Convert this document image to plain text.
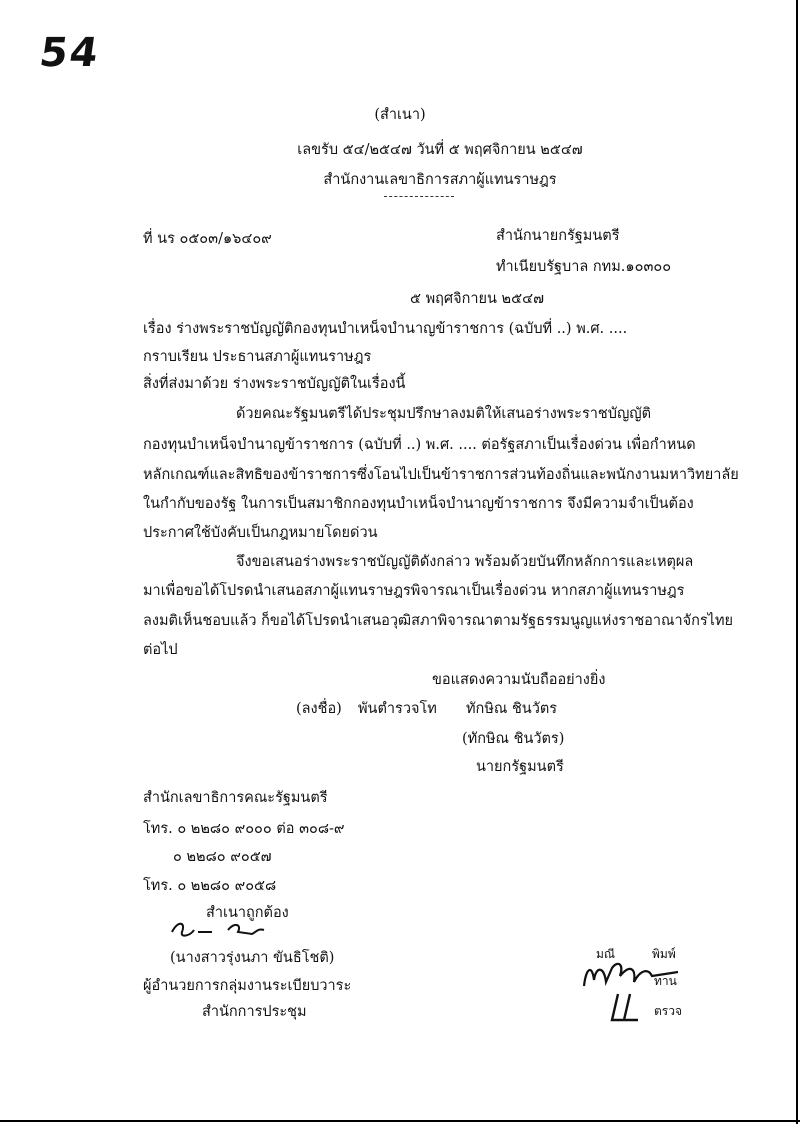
54
(สำเนา)
เลขรับ ๕๔/๒๕๔๗ วันที่ ๕ พฤศจิกายน ๒๕๔๗
สำนักงานเลขาธิการสภาผู้แทนราษฎร
ที่ นร ๐๕๐๓/๑๖๔๐๙	สำนักนายกรัฐมนตรี
ทำเนียบรัฐบาล กทม.๑๐๓๐๐
๕ พฤศจิกายน ๒๕๔๗
เรื่อง ร่างพระราชบัญญัติกองทุนบำเหน็จบำนาญข้าราชการ (ฉบับที่ ..) พ.ศ. ....
กราบเรียน ประธานสภาผู้แทนราษฎร
สิ่งที่ส่งมาด้วย ร่างพระราชบัญญัติในเรื่องนี้
ด้วยคณะรัฐมนตรีได้ประชุมปรึกษาลงมติให้เสนอร่างพระราชบัญญัติ
กองทุนบำเหน็จบำนาญข้าราชการ (ฉบับที่ ..) พ.ศ. .... ต่อรัฐสภาเป็นเรื่องด่วน เพื่อกำหนด
หลักเกณฑ์และสิทธิของข้าราชการซึ่งโอนไปเป็นข้าราชการส่วนท้องถิ่นและพนักงานมหาวิทยาลัย
ในกำกับของรัฐ ในการเป็นสมาชิกกองทุนบำเหน็จบำนาญข้าราชการ จึงมีความจำเป็นต้อง
ประกาศใช้บังคับเป็นกฎหมายโดยด่วน
จึงขอเสนอร่างพระราชบัญญัติดังกล่าว พร้อมด้วยบันทึกหลักการและเหตุผล
มาเพื่อขอได้โปรดนำเสนอสภาผู้แทนราษฎรพิจารณาเป็นเรื่องด่วน หากสภาผู้แทนราษฎร
ลงมติเห็นชอบแล้ว ก็ขอได้โปรดนำเสนอวุฒิสภาพิจารณาตามรัฐธรรมนูญแห่งราชอาณาจักรไทย
ต่อไป
ขอแสดงความนับถืออย่างยิ่ง
(ลงชื่อ) พันตำรวจโท ทักษิณ ชินวัตร
(ทักษิณ ชินวัตร)
นายกรัฐมนตรี
สำนักเลขาธิการคณะรัฐมนตรี
โทร. ๐ ๒๒๘๐ ๙๐๐๐ ต่อ ๓๐๘-๙
๐ ๒๒๘๐ ๙๐๕๗
โทร. ๐ ๒๒๘๐ ๙๐๕๘
สำเนาถูกต้อง
(นางสาวรุ่งนภา ขันธิโชติ)
ผู้อำนวยการกลุ่มงานระเบียบวาระ
สำนักการประชุม
มณี	พิมพ์
ทาน
ตรวจ
